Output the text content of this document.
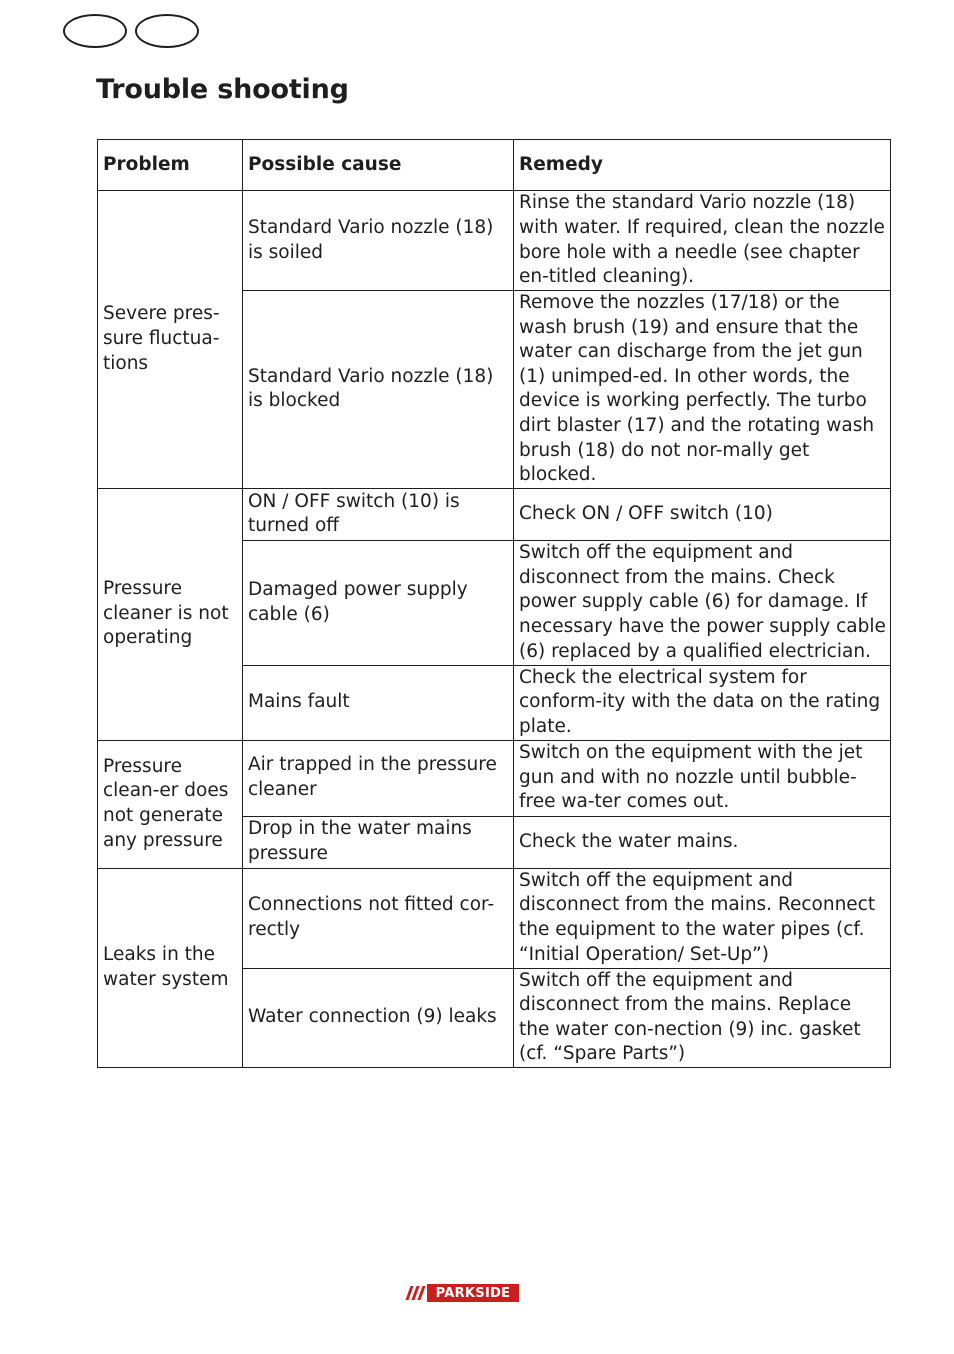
Trouble shooting
Problem	Possible cause	Remedy
Severe pres-sure fluctua-tions	Standard Vario nozzle (18) is soiled	Rinse the standard Vario nozzle (18) with water. If required, clean the nozzle bore hole with a needle (see chapter en-titled cleaning).
	Standard Vario nozzle (18) is blocked	Remove the nozzles (17/18) or the wash brush (19) and ensure that the water can discharge from the jet gun (1) unimped-ed. In other words, the device is working perfectly. The turbo dirt blaster (17) and the rotating wash brush (18) do not nor-mally get blocked.
Pressure cleaner is not operating	ON / OFF switch (10) is turned off	Check ON / OFF switch (10)
	Damaged power supply cable (6)	Switch off the equipment and disconnect from the mains. Check power supply cable (6) for damage. If necessary have the power supply cable (6) replaced by a qualified electrician.
	Mains fault	Check the electrical system for conform-ity with the data on the rating plate.
Pressure clean-er does not generate any pressure	Air trapped in the pressure cleaner	Switch on the equipment with the jet gun and with no nozzle until bubble-free wa-ter comes out.
	Drop in the water mains pressure	Check the water mains.
Leaks in the water system	Connections not fitted cor-rectly	Switch off the equipment and disconnect from the mains. Reconnect the equipment to the water pipes (cf. “Initial Operation/ Set-Up”)
	Water connection (9) leaks	Switch off the equipment and disconnect from the mains. Replace the water con-nection (9) inc. gasket (cf. “Spare Parts”)
PARKSIDE
